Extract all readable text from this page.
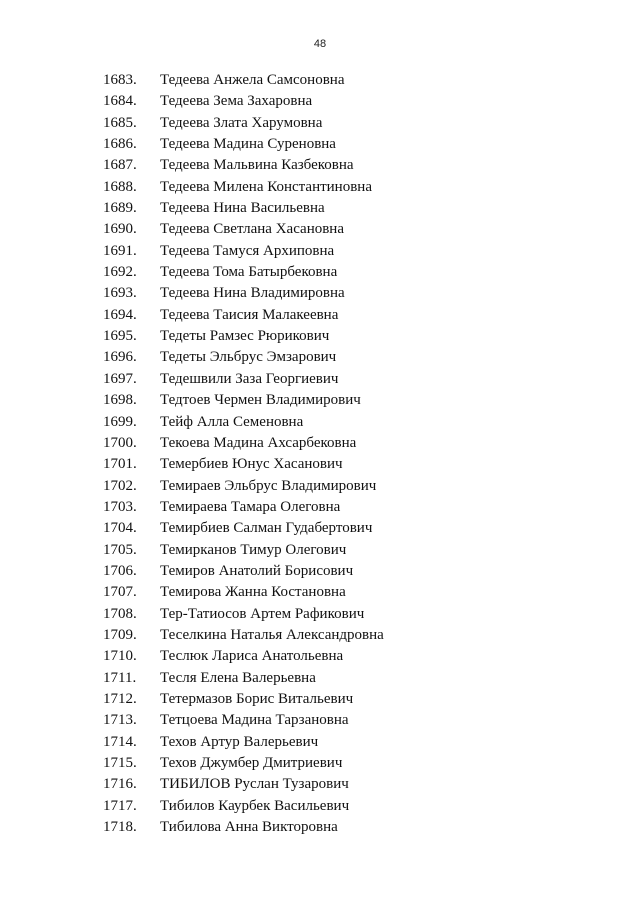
48
1683.	Тедеева Анжела Самсоновна
1684.	Тедеева Зема Захаровна
1685.	Тедеева Злата Харумовна
1686.	Тедеева Мадина Суреновна
1687.	Тедеева Мальвина Казбековна
1688.	Тедеева Милена Константиновна
1689.	Тедеева Нина Васильевна
1690.	Тедеева Светлана Хасановна
1691.	Тедеева Тамуся Архиповна
1692.	Тедеева Тома Батырбековна
1693.	Тедеева Нина Владимировна
1694.	Тедеева Таисия Малакеевна
1695.	Тедеты Рамзес Рюрикович
1696.	Тедеты Эльбрус Эмзарович
1697.	Тедешвили Заза Георгиевич
1698.	Тедтоев Чермен Владимирович
1699.	Тейф Алла Семеновна
1700.	Текоева Мадина Ахсарбековна
1701.	Темербиев Юнус Хасанович
1702.	Темираев Эльбрус Владимирович
1703.	Темираева Тамара Олеговна
1704.	Темирбиев Салман Гудабертович
1705.	Темирканов Тимур Олегович
1706.	Темиров Анатолий Борисович
1707.	Темирова Жанна Костановна
1708.	Тер-Татиосов Артем Рафикович
1709.	Теселкина Наталья Александровна
1710.	Теслюк Лариса Анатольевна
1711.	Тесля Елена Валерьевна
1712.	Тетермазов Борис Витальевич
1713.	Тетцоева Мадина Тарзановна
1714.	Техов Артур Валерьевич
1715.	Техов Джумбер Дмитриевич
1716.	ТИБИЛОВ Руслан Тузарович
1717.	Тибилов Каурбек Васильевич
1718.	Тибилова Анна Викторовна
